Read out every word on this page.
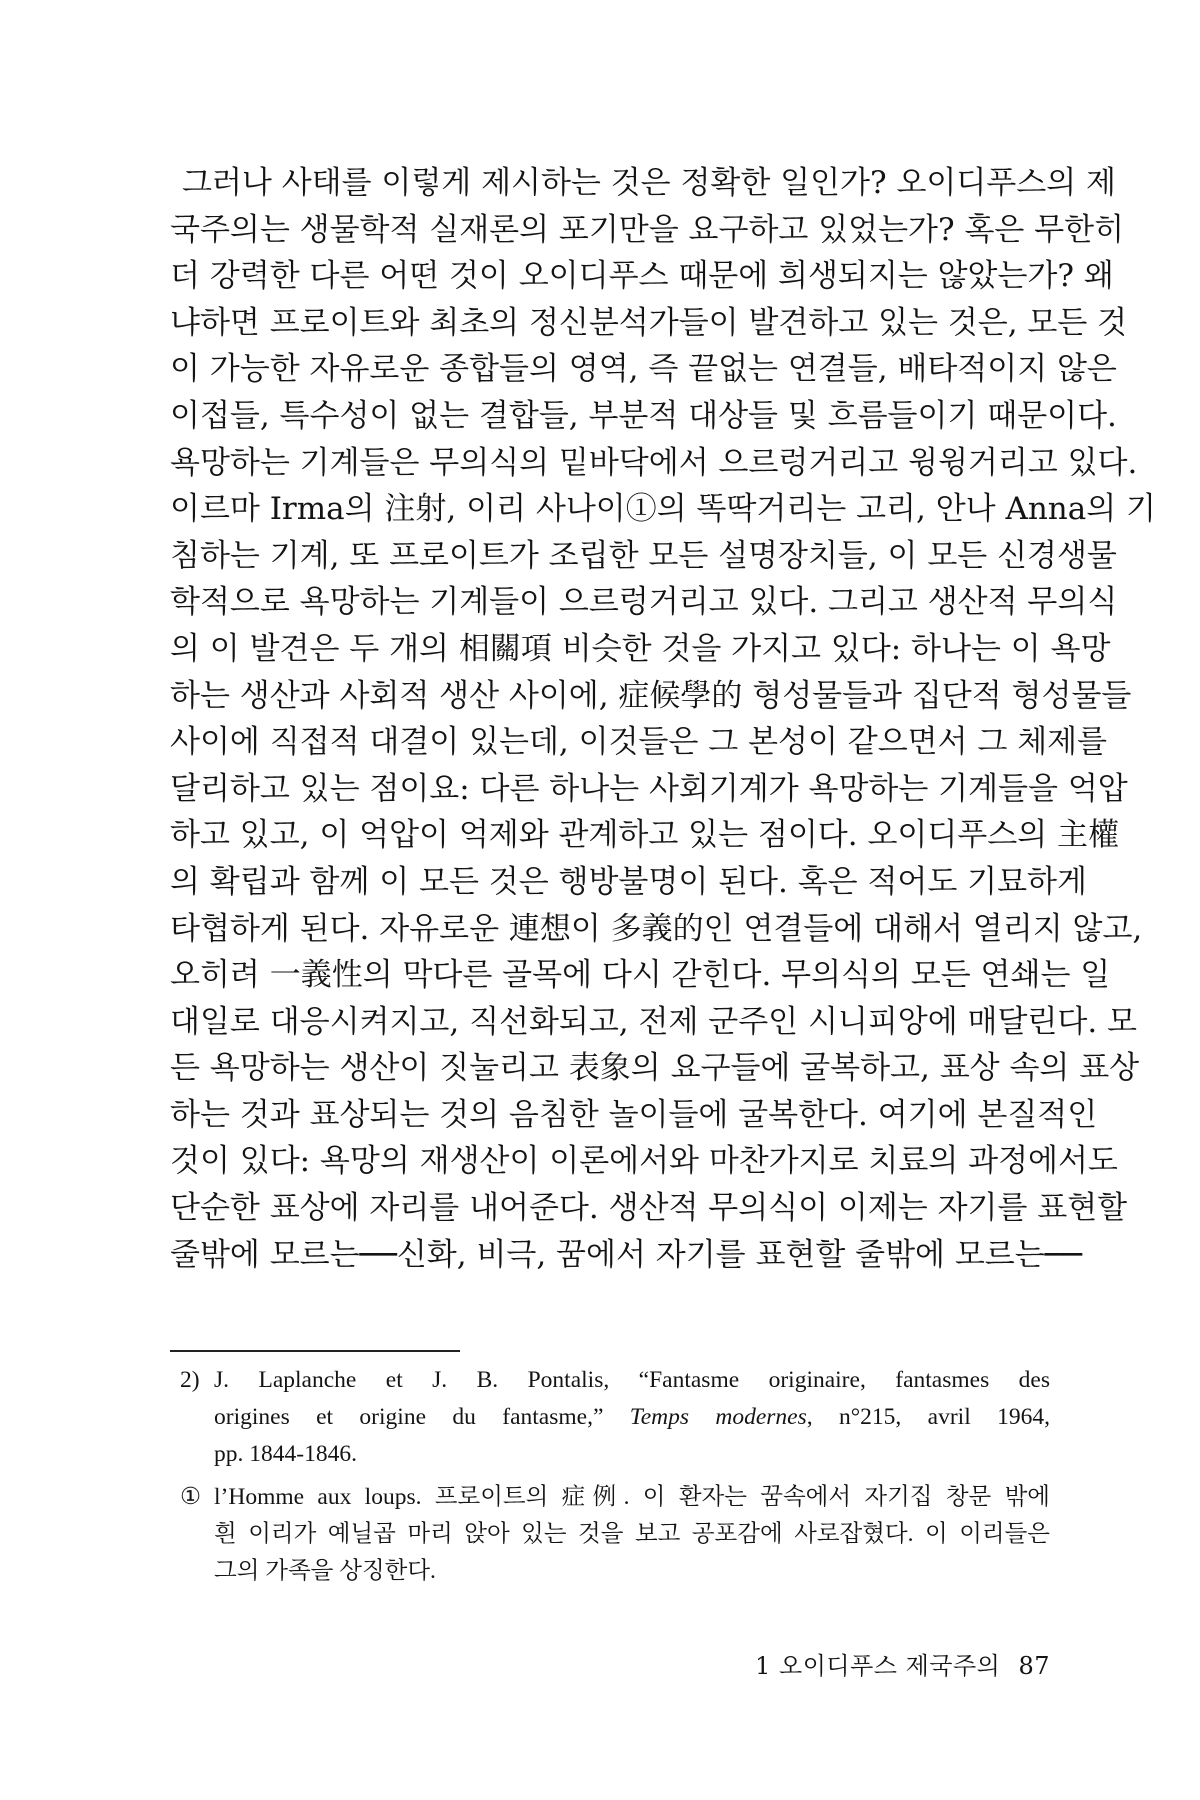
그러나 사태를 이렇게 제시하는 것은 정확한 일인가? 오이디푸스의 제
국주의는 생물학적 실재론의 포기만을 요구하고 있었는가? 혹은 무한히
더 강력한 다른 어떤 것이 오이디푸스 때문에 희생되지는 않았는가? 왜
냐하면 프로이트와 최초의 정신분석가들이 발견하고 있는 것은, 모든 것
이 가능한 자유로운 종합들의 영역, 즉 끝없는 연결들, 배타적이지 않은
이접들, 특수성이 없는 결합들, 부분적 대상들 및 흐름들이기 때문이다.
욕망하는 기계들은 무의식의 밑바닥에서 으르렁거리고 윙윙거리고 있다.
이르마 Irma의 注射, 이리 사나이①의 똑딱거리는 고리, 안나 Anna의 기
침하는 기계, 또 프로이트가 조립한 모든 설명장치들, 이 모든 신경생물
학적으로 욕망하는 기계들이 으르렁거리고 있다. 그리고 생산적 무의식
의 이 발견은 두 개의 相關項 비슷한 것을 가지고 있다: 하나는 이 욕망
하는 생산과 사회적 생산 사이에, 症候學的 형성물들과 집단적 형성물들
사이에 직접적 대결이 있는데, 이것들은 그 본성이 같으면서 그 체제를
달리하고 있는 점이요: 다른 하나는 사회기계가 욕망하는 기계들을 억압
하고 있고, 이 억압이 억제와 관계하고 있는 점이다. 오이디푸스의 主權
의 확립과 함께 이 모든 것은 행방불명이 된다. 혹은 적어도 기묘하게
타협하게 된다. 자유로운 連想이 多義的인 연결들에 대해서 열리지 않고,
오히려 一義性의 막다른 골목에 다시 갇힌다. 무의식의 모든 연쇄는 일
대일로 대응시켜지고, 직선화되고, 전제 군주인 시니피앙에 매달린다. 모
든 욕망하는 생산이 짓눌리고 表象의 요구들에 굴복하고, 표상 속의 표상
하는 것과 표상되는 것의 음침한 놀이들에 굴복한다. 여기에 본질적인
것이 있다: 욕망의 재생산이 이론에서와 마찬가지로 치료의 과정에서도
단순한 표상에 자리를 내어준다. 생산적 무의식이 이제는 자기를 표현할
줄밖에 모르는──신화, 비극, 꿈에서 자기를 표현할 줄밖에 모르는──
2) J. Laplanche et J. B. Pontalis, “Fantasme originaire, fantasmes des
origines et origine du fantasme,” Temps modernes, n°215, avril 1964,
pp. 1844-1846.
① l’Homme aux loups. 프로이트의 症例. 이 환자는 꿈속에서 자기집 창문 밖에
흰 이리가 예닐곱 마리 앉아 있는 것을 보고 공포감에 사로잡혔다. 이 이리들은
그의 가족을 상징한다.
1 오이디푸스 제국주의 87
